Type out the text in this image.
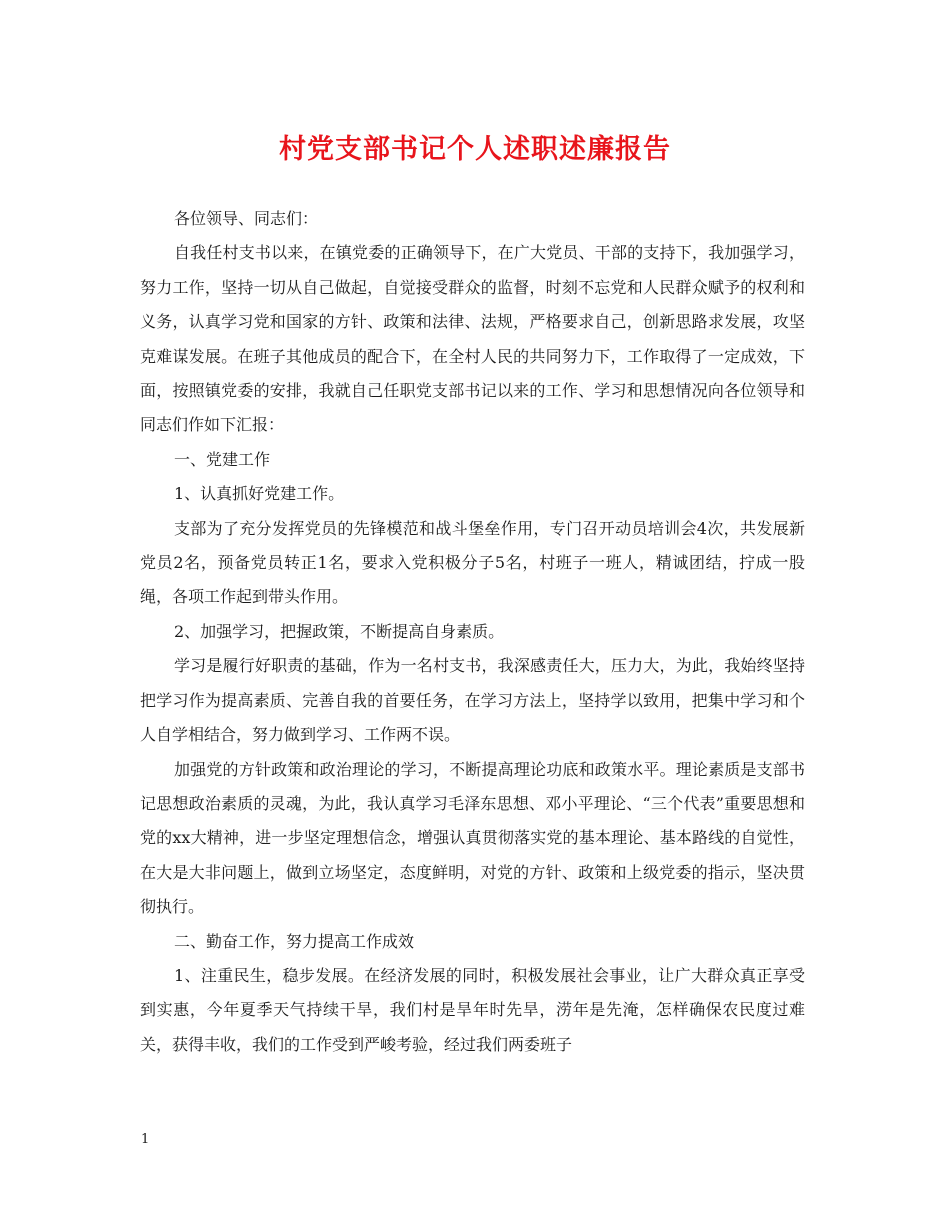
村党支部书记个人述职述廉报告

各位领导、同志们：

自我任村支书以来，在镇党委的正确领导下，在广大党员、干部的支持下，我加强学习，努力工作，坚持一切从自己做起，自觉接受群众的监督，时刻不忘党和人民群众赋予的权利和义务，认真学习党和国家的方针、政策和法律、法规，严格要求自己，创新思路求发展，攻坚克难谋发展。在班子其他成员的配合下，在全村人民的共同努力下，工作取得了一定成效，下面，按照镇党委的安排，我就自己任职党支部书记以来的工作、学习和思想情况向各位领导和同志们作如下汇报：

一、党建工作

1、认真抓好党建工作。

支部为了充分发挥党员的先锋模范和战斗堡垒作用，专门召开动员培训会4次，共发展新党员2名，预备党员转正1名，要求入党积极分子5名，村班子一班人，精诚团结，拧成一股绳，各项工作起到带头作用。

2、加强学习，把握政策，不断提高自身素质。

学习是履行好职责的基础，作为一名村支书，我深感责任大，压力大，为此，我始终坚持把学习作为提高素质、完善自我的首要任务，在学习方法上，坚持学以致用，把集中学习和个人自学相结合，努力做到学习、工作两不误。

加强党的方针政策和政治理论的学习，不断提高理论功底和政策水平。理论素质是支部书记思想政治素质的灵魂，为此，我认真学习毛泽东思想、邓小平理论、“三个代表”重要思想和党的xx大精神，进一步坚定理想信念，增强认真贯彻落实党的基本理论、基本路线的自觉性，在大是大非问题上，做到立场坚定，态度鲜明，对党的方针、政策和上级党委的指示，坚决贯彻执行。

二、勤奋工作，努力提高工作成效

1、注重民生，稳步发展。在经济发展的同时，积极发展社会事业，让广大群众真正享受到实惠，今年夏季天气持续干旱，我们村是旱年时先旱，涝年是先淹，怎样确保农民度过难关，获得丰收，我们的工作受到严峻考验，经过我们两委班子

1
